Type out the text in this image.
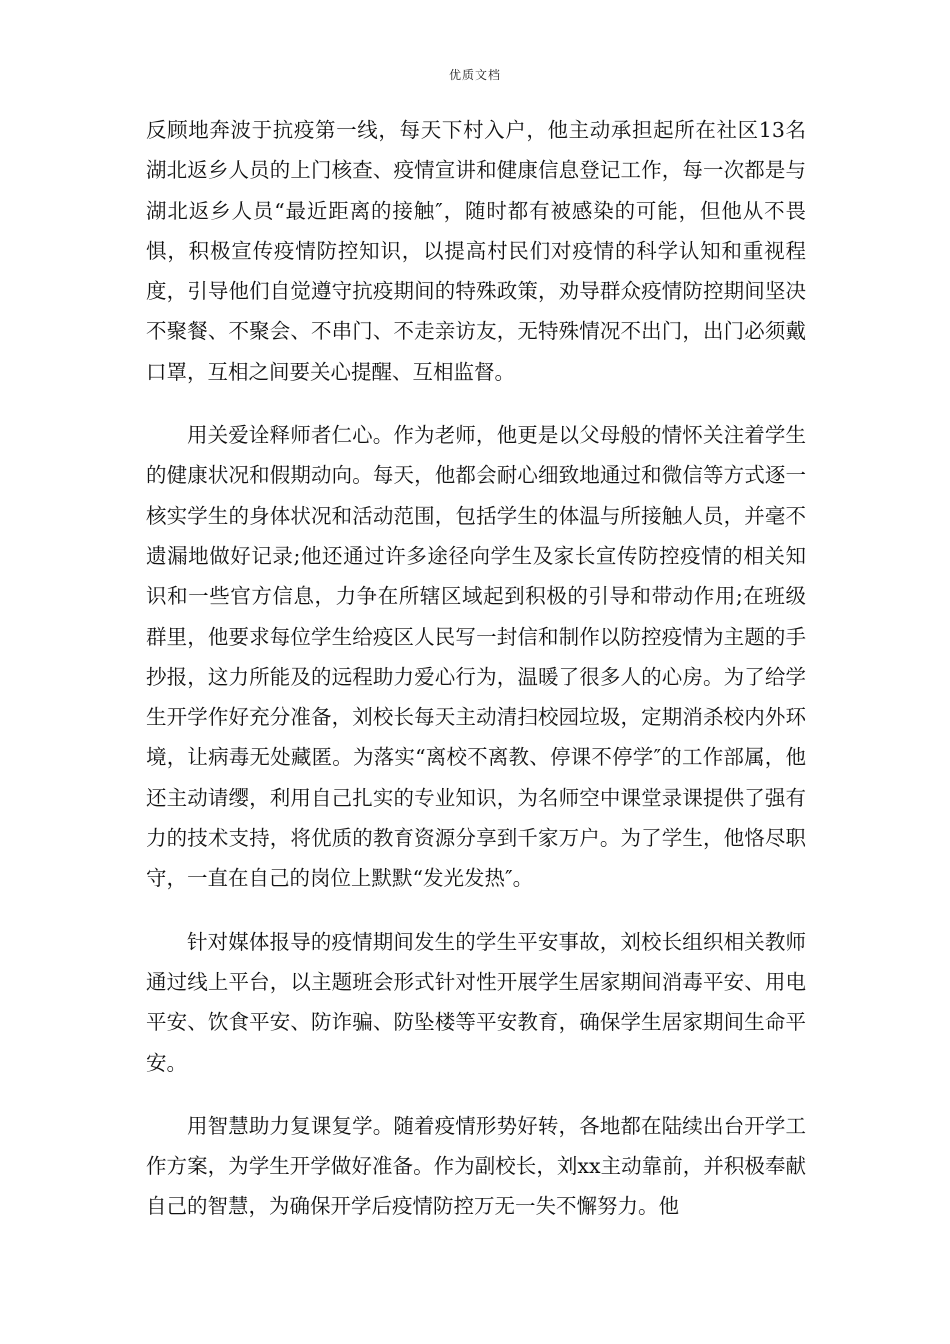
优质文档

反顾地奔波于抗疫第一线，每天下村入户，他主动承担起所在社区13名湖北返乡人员的上门核查、疫情宣讲和健康信息登记工作，每一次都是与湖北返乡人员“最近距离的接触″，随时都有被感染的可能，但他从不畏惧，积极宣传疫情防控知识，以提高村民们对疫情的科学认知和重视程度，引导他们自觉遵守抗疫期间的特殊政策，劝导群众疫情防控期间坚决不聚餐、不聚会、不串门、不走亲访友，无特殊情况不出门，出门必须戴口罩，互相之间要关心提醒、互相监督。

用关爱诠释师者仁心。作为老师，他更是以父母般的情怀关注着学生的健康状况和假期动向。每天，他都会耐心细致地通过和微信等方式逐一核实学生的身体状况和活动范围，包括学生的体温与所接触人员，并毫不遗漏地做好记录;他还通过许多途径向学生及家长宣传防控疫情的相关知识和一些官方信息，力争在所辖区域起到积极的引导和带动作用;在班级群里，他要求每位学生给疫区人民写一封信和制作以防控疫情为主题的手抄报，这力所能及的远程助力爱心行为，温暖了很多人的心房。为了给学生开学作好充分准备，刘校长每天主动清扫校园垃圾，定期消杀校内外环境，让病毒无处藏匿。为落实“离校不离教、停课不停学″的工作部属，他还主动请缨，利用自己扎实的专业知识，为名师空中课堂录课提供了强有力的技术支持，将优质的教育资源分享到千家万户。为了学生，他恪尽职守，一直在自己的岗位上默默“发光发热″。

针对媒体报导的疫情期间发生的学生平安事故，刘校长组织相关教师通过线上平台，以主题班会形式针对性开展学生居家期间消毒平安、用电平安、饮食平安、防诈骗、防坠楼等平安教育，确保学生居家期间生命平安。

用智慧助力复课复学。随着疫情形势好转，各地都在陆续出台开学工作方案，为学生开学做好准备。作为副校长，刘xx主动靠前，并积极奉献自己的智慧，为确保开学后疫情防控万无一失不懈努力。他
